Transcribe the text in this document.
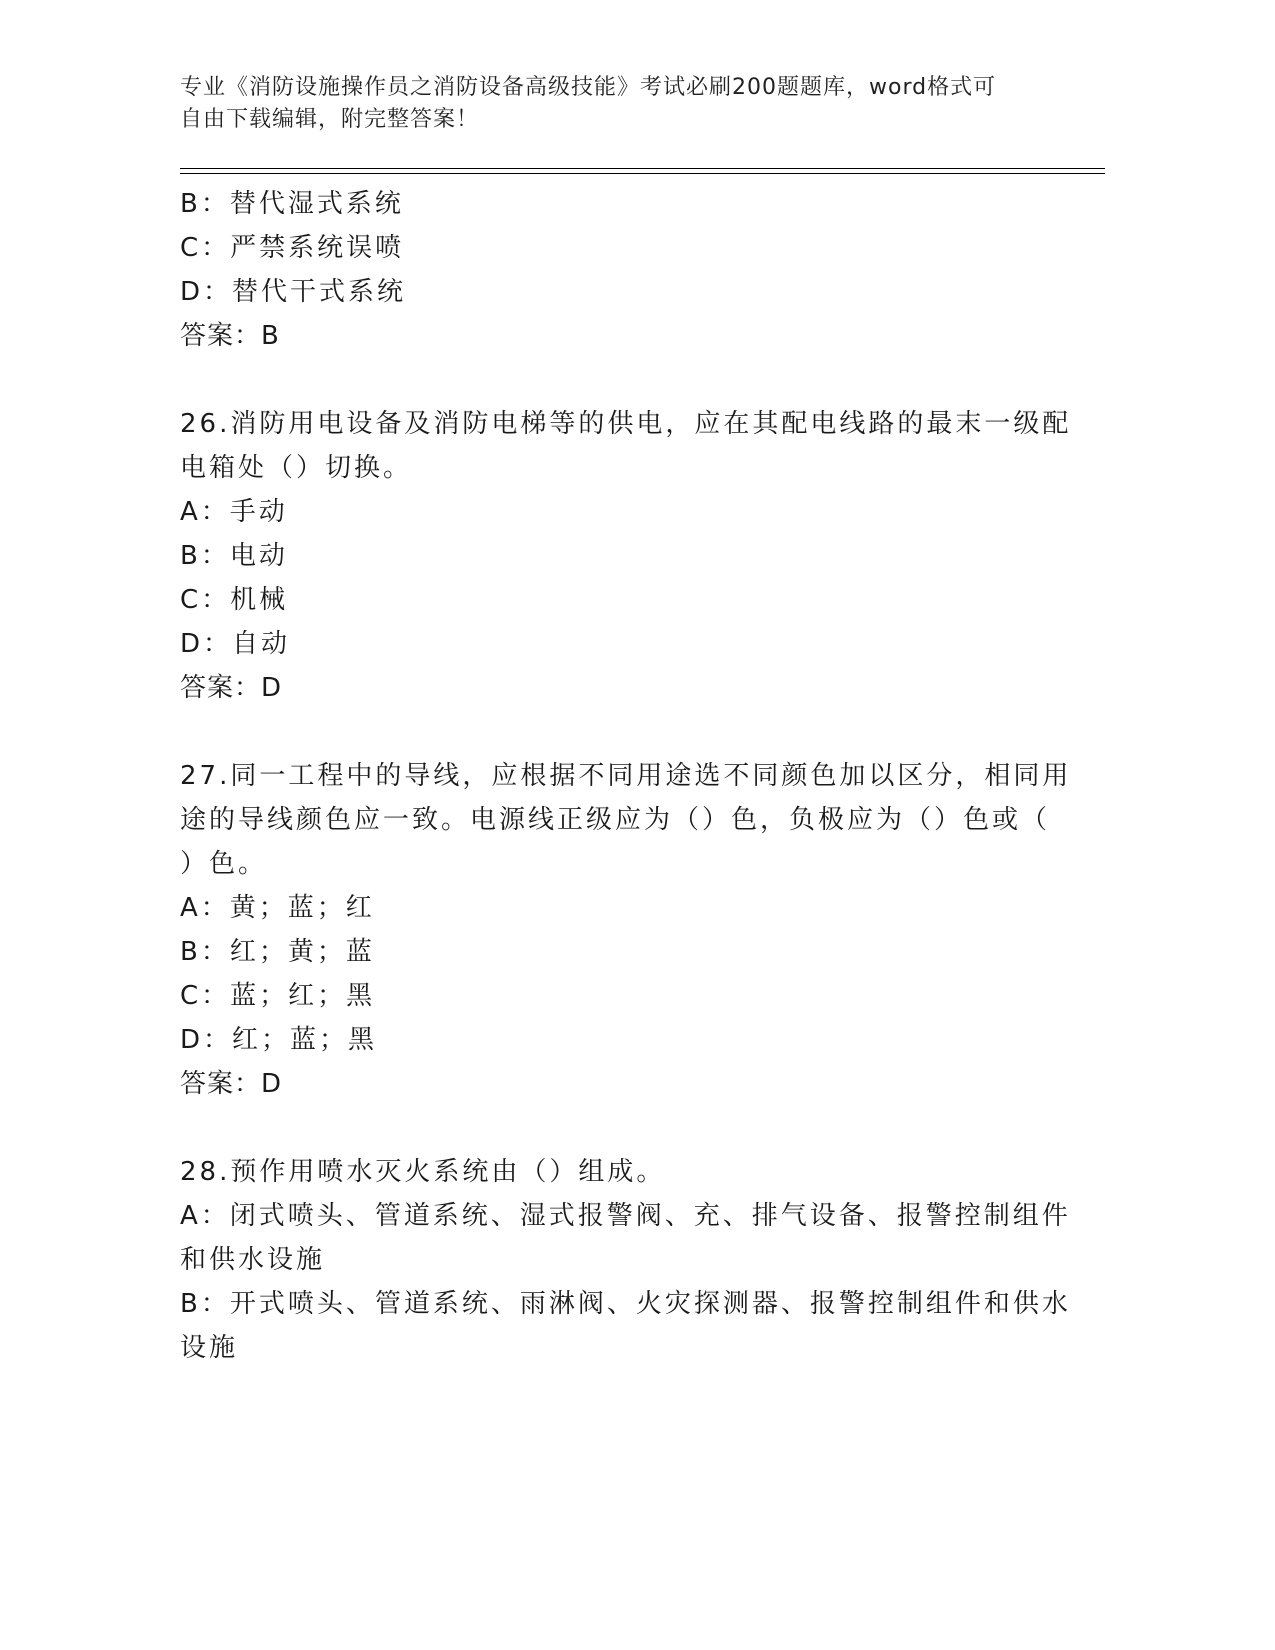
专业《消防设施操作员之消防设备高级技能》考试必刷200题题库，word格式可
自由下载编辑，附完整答案！
B：替代湿式系统
C：严禁系统误喷
D：替代干式系统
答案：B
26.消防用电设备及消防电梯等的供电，应在其配电线路的最末一级配
电箱处（）切换。
A：手动
B：电动
C：机械
D：自动
答案：D
27.同一工程中的导线，应根据不同用途选不同颜色加以区分，相同用
途的导线颜色应一致。电源线正级应为（）色，负极应为（）色或（
）色。
A：黄；蓝；红
B：红；黄；蓝
C：蓝；红；黑
D：红；蓝；黑
答案：D
28.预作用喷水灭火系统由（）组成。
A：闭式喷头、管道系统、湿式报警阀、充、排气设备、报警控制组件
和供水设施
B：开式喷头、管道系统、雨淋阀、火灾探测器、报警控制组件和供水
设施
